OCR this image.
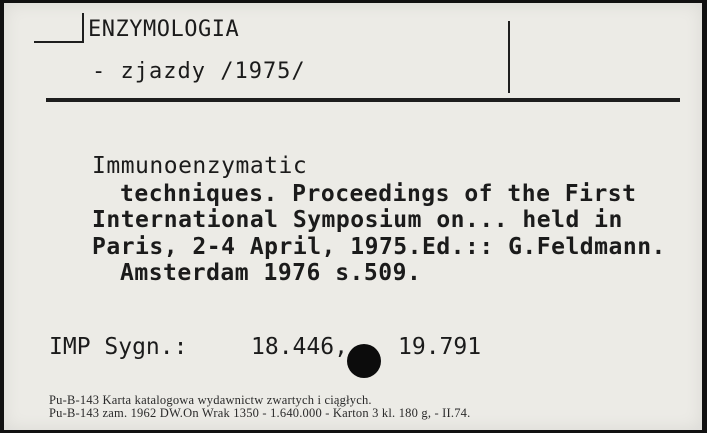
ENZYMOLOGIA
- zjazdy /1975/
Immunoenzymatic
techniques. Proceedings of the First
International Symposium on... held in
Paris, 2-4 April, 1975.Ed.:: G.Feldmann.
Amsterdam 1976 s.509.
IMP Sygn.:	18.446, 19.791
Pu-B-143 Karta katalogowa wydawnictw zwartych i ciągłych.
Pu-B-143 zam. 1962 DW.On Wrak 1350 - 1.640.000 - Karton 3 kl. 180 g, - II.74.
